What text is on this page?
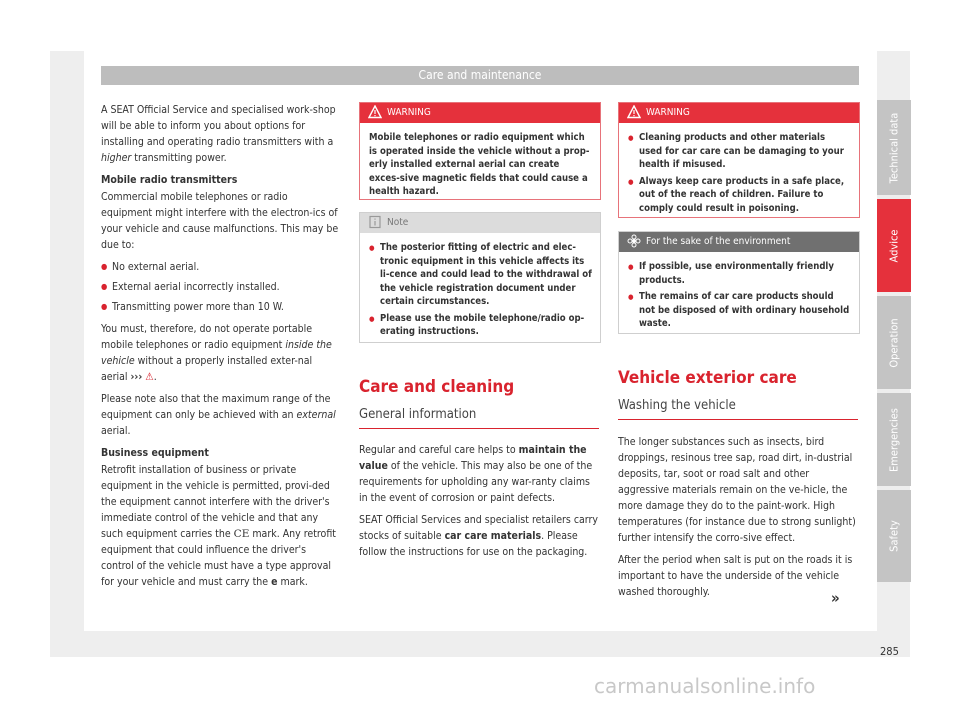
Care and maintenance

A SEAT Official Service and specialised work-shop will be able to inform you about options for installing and operating radio transmitters with a higher transmitting power.

Mobile radio transmitters

Commercial mobile telephones or radio equipment might interfere with the electron-ics of your vehicle and cause malfunctions. This may be due to:

● No external aerial.
● External aerial incorrectly installed.
● Transmitting power more than 10 W.

You must, therefore, do not operate portable mobile telephones or radio equipment inside the vehicle without a properly installed exter-nal aerial ››› ⚠.

Please note also that the maximum range of the equipment can only be achieved with an external aerial.

Business equipment

Retrofit installation of business or private equipment in the vehicle is permitted, provi-ded the equipment cannot interfere with the driver's immediate control of the vehicle and that any such equipment carries the CE mark. Any retrofit equipment that could influence the driver's control of the vehicle must have a type approval for your vehicle and must carry the e mark.

WARNING
Mobile telephones or radio equipment which is operated inside the vehicle without a prop-erly installed external aerial can create exces-sive magnetic fields that could cause a health hazard.
Note
● The posterior fitting of electric and elec-tronic equipment in this vehicle affects its li-cence and could lead to the withdrawal of the vehicle registration document under certain circumstances.
● Please use the mobile telephone/radio op-erating instructions.
Care and cleaning
General information

Regular and careful care helps to maintain the value of the vehicle. This may also be one of the requirements for upholding any war-ranty claims in the event of corrosion or paint defects.

SEAT Official Services and specialist retailers carry stocks of suitable car care materials. Please follow the instructions for use on the packaging.

WARNING
● Cleaning products and other materials used for car care can be damaging to your health if misused.
● Always keep care products in a safe place, out of the reach of children. Failure to comply could result in poisoning.
For the sake of the environment
● If possible, use environmentally friendly products.
● The remains of car care products should not be disposed of with ordinary household waste.
Vehicle exterior care
Washing the vehicle

The longer substances such as insects, bird droppings, resinous tree sap, road dirt, in-dustrial deposits, tar, soot or road salt and other aggressive materials remain on the ve-hicle, the more damage they do to the paint-work. High temperatures (for instance due to strong sunlight) further intensify the corro-sive effect.

After the period when salt is put on the roads it is important to have the underside of the vehicle washed thoroughly.	»
Technical data
Advice
Operation
Emergencies
Safety
285
carmanualsonline.info
